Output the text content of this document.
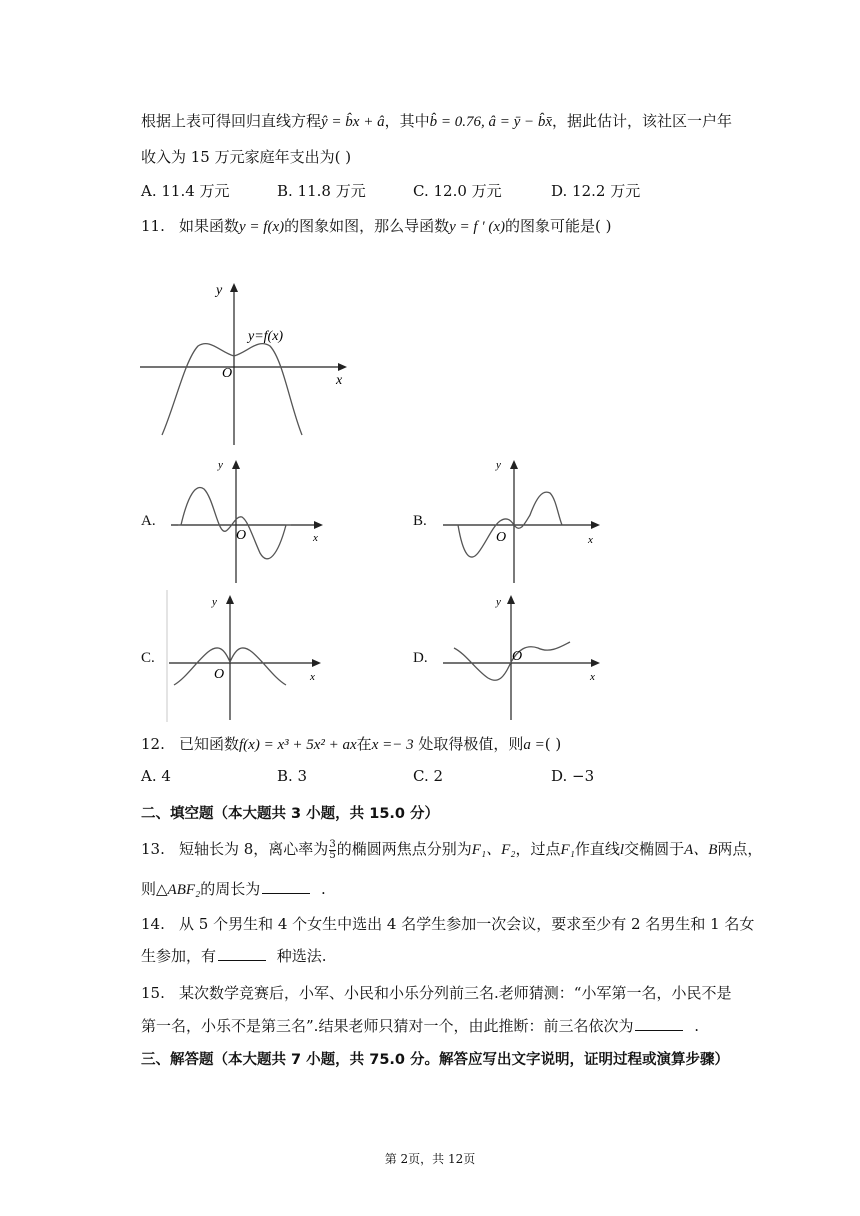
根据上表可得回归直线方程ŷ = b̂x + â，其中b̂ = 0.76, â = ȳ − b̂x̄，据此估计，该社区一户年
收入为 15 万元家庭年支出为( )
A. 11.4 万元	B. 11.8 万元	C. 12.0 万元	D. 12.2 万元
11. 如果函数y = f(x)的图象如图，那么导函数y = f ′ (x)的图象可能是( )
y
x
O
y=f(x)
A.
y
x
O
B.
y
x
O
C.
y
x
O
D.
y
x
O
12. 已知函数f(x) = x³ + 5x² + ax在x =− 3 处取得极值，则a =( )
A. 4	B. 3	C. 2	D. −3
二、填空题（本大题共 3 小题，共 15.0 分）
13. 短轴长为 8，离心率为 $\frac{3}{5}$ 的椭圆两焦点分别为F₁、F₂，过点F₁作直线l交椭圆于A、B两点，
则△ABF₂的周长为	.
14. 从 5 个男生和 4 个女生中选出 4 名学生参加一次会议，要求至少有 2 名男生和 1 名女
生参加，有	种选法.
15. 某次数学竞赛后，小军、小民和小乐分列前三名.老师猜测：“小军第一名，小民不是
第一名，小乐不是第三名”.结果老师只猜对一个，由此推断：前三名依次为	.
三、解答题（本大题共 7 小题，共 75.0 分。解答应写出文字说明，证明过程或演算步骤）
第 2页，共 12页
